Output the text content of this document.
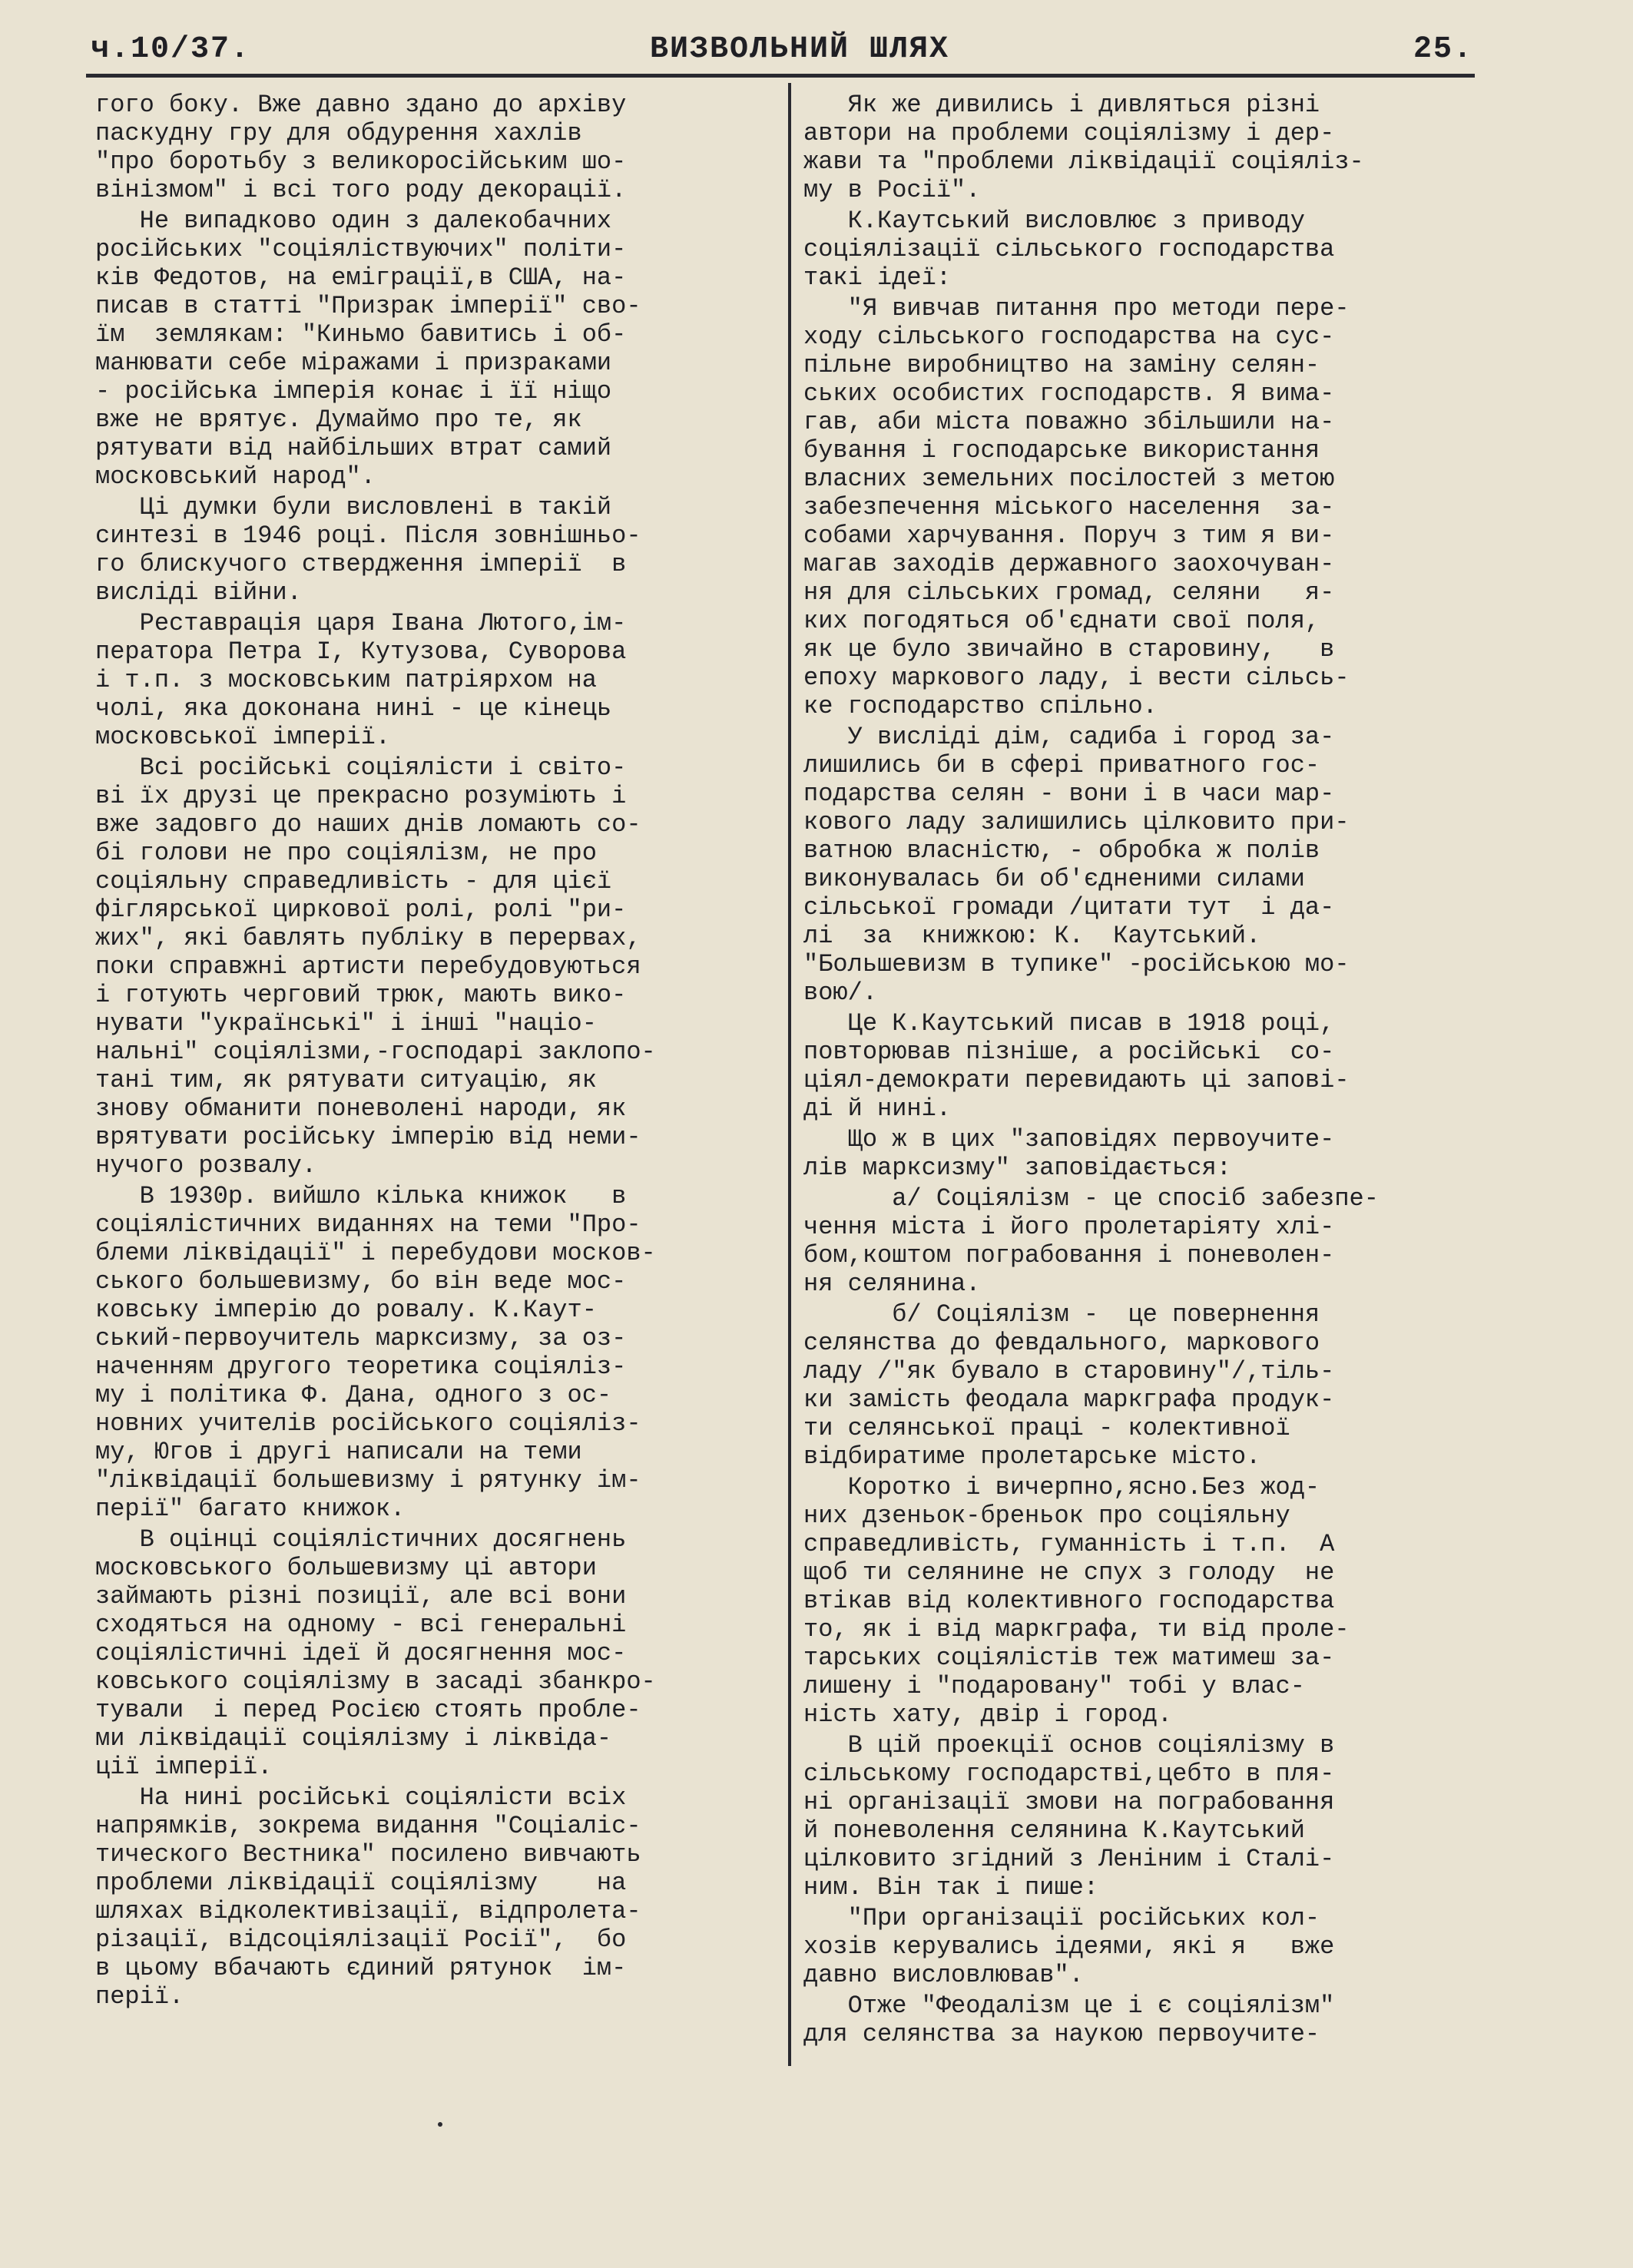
ч.10/37.	ВИЗВОЛЬНИЙ ШЛЯХ	25.

гого боку. Вже давно здано до архіву
паскудну гру для обдурення хахлів
"про боротьбу з великоросійським шо-
вінізмом" і всі того роду декорації.

Не випадково один з далекобачних
російських "соціяліствуючих" політи-
ків Федотов, на еміграції,в США, на-
писав в статті "Призрак імперії" сво-
їм  землякам: "Киньмо бавитись і об-
манювати себе міражами і призраками
- російська імперія конає і її ніщо
вже не врятує. Думаймо про те, як
рятувати від найбільших втрат самий
московський народ".

Ці думки були висловлені в такій
синтезі в 1946 році. Після зовнішньо-
го блискучого ствердження імперії  в
висліді війни.

Реставрація царя Івана Лютого,ім-
ператора Петра І, Кутузова, Суворова
і т.п. з московським патріярхом на
чолі, яка доконана нині - це кінець
московської імперії.

Всі російські соціялісти і світо-
ві їх друзі це прекрасно розуміють і
вже задовго до наших днів ломають со-
бі голови не про соціялізм, не про
соціяльну справедливість - для цієї
фіглярської циркової ролі, ролі "ри-
жих", які бавлять публіку в перервах,
поки справжні артисти перебудовуються
і готують черговий трюк, мають вико-
нувати "українські" і інші "націо-
нальні" соціялізми,-господарі заклопо-
тані тим, як рятувати ситуацію, як
знову обманити поневолені народи, як
врятувати російську імперію від неми-
нучого розвалу.

В 1930р. вийшло кілька книжок   в
соціялістичних виданнях на теми "Про-
блеми ліквідації" і перебудови москов-
ського большевизму, бо він веде мос-
ковську імперію до ровалу. К.Каут-
ський-первоучитель марксизму, за оз-
наченням другого теоретика соціяліз-
му і політика Ф. Дана, одного з ос-
новних учителів російського соціяліз-
му, Югов і другі написали на теми
"ліквідації большевизму і рятунку ім-
перії" багато книжок.

В оцінці соціялістичних досягнень
московського большевизму ці автори
займають різні позиції, але всі вони
сходяться на одному - всі генеральні
соціялістичні ідеї й досягнення мос-
ковського соціялізму в засаді збанкро-
тували  і перед Росією стоять пробле-
ми ліквідації соціялізму і ліквіда-
ції імперії.

На нині російські соціялісти всіх
напрямків, зокрема видання "Соціаліс-
тического Вестника" посилено вивчають
проблеми ліквідації соціялізму    на
шляхах відколективізації, відпролета-
різації, відсоціялізації Росії",  бо
в цьому вбачають єдиний рятунок  ім-
перії.

Як же дивились і дивляться різні
автори на проблеми соціялізму і дер-
жави та "проблеми ліквідації соціяліз-
му в Росії".

К.Каутський висловлює з приводу
соціялізації сільського господарства
такі ідеї:

"Я вивчав питання про методи пере-
ходу сільського господарства на сус-
пільне виробництво на заміну селян-
ських особистих господарств. Я вима-
гав, аби міста поважно збільшили на-
бування і господарське використання
власних земельних посілостей з метою
забезпечення міського населення  за-
собами харчування. Поруч з тим я ви-
магав заходів державного заохочуван-
ня для сільських громад, селяни   я-
ких погодяться об'єднати свої поля,
як це було звичайно в старовину,   в
епоху маркового ладу, і вести сільсь-
ке господарство спільно.

У висліді дім, садиба і город за-
лишились би в сфері приватного гос-
подарства селян - вони і в часи мар-
кового ладу залишились цілковито при-
ватною власністю, - обробка ж полів
виконувалась би об'єдненими силами
сільської громади /цитати тут  і да-
лі  за  книжкою: К.  Каутський.
"Большевизм в тупике" -російською мо-
вою/.

Це К.Каутський писав в 1918 році,
повторював пізніше, а російські  со-
ціял-демократи перевидають ці запові-
ді й нині.

Що ж в цих "заповідях первоучите-
лів марксизму" заповідається:

а/ Соціялізм - це спосіб забезпе-
чення міста і його пролетаріяту хлі-
бом,коштом пограбовання і поневолен-
ня селянина.

б/ Соціялізм -  це повернення
селянства до февдального, маркового
ладу /"як бувало в старовину"/,тіль-
ки замість феодала маркграфа продук-
ти селянської праці - колективної
відбиратиме пролетарське місто.

Коротко і вичерпно,ясно.Без жод-
них дзеньок-бреньок про соціяльну
справедливість, гуманність і т.п.  А
щоб ти селянине не спух з голоду  не
втікав від колективного господарства
то, як і від маркграфа, ти від проле-
тарських соціялістів теж матимеш за-
лишену і "подаровану" тобі у влас-
ність хату, двір і город.

В цій проекції основ соціялізму в
сільському господарстві,цебто в пля-
ні організації змови на пограбовання
й поневолення селянина К.Каутський
цілковито згідний з Леніним і Сталі-
ним. Він так і пише:

"При організації російських кол-
хозів керувались ідеями, які я   вже
давно висловлював".

Отже "Феодалізм це і є соціялізм"
для селянства за наукою первоучите-
